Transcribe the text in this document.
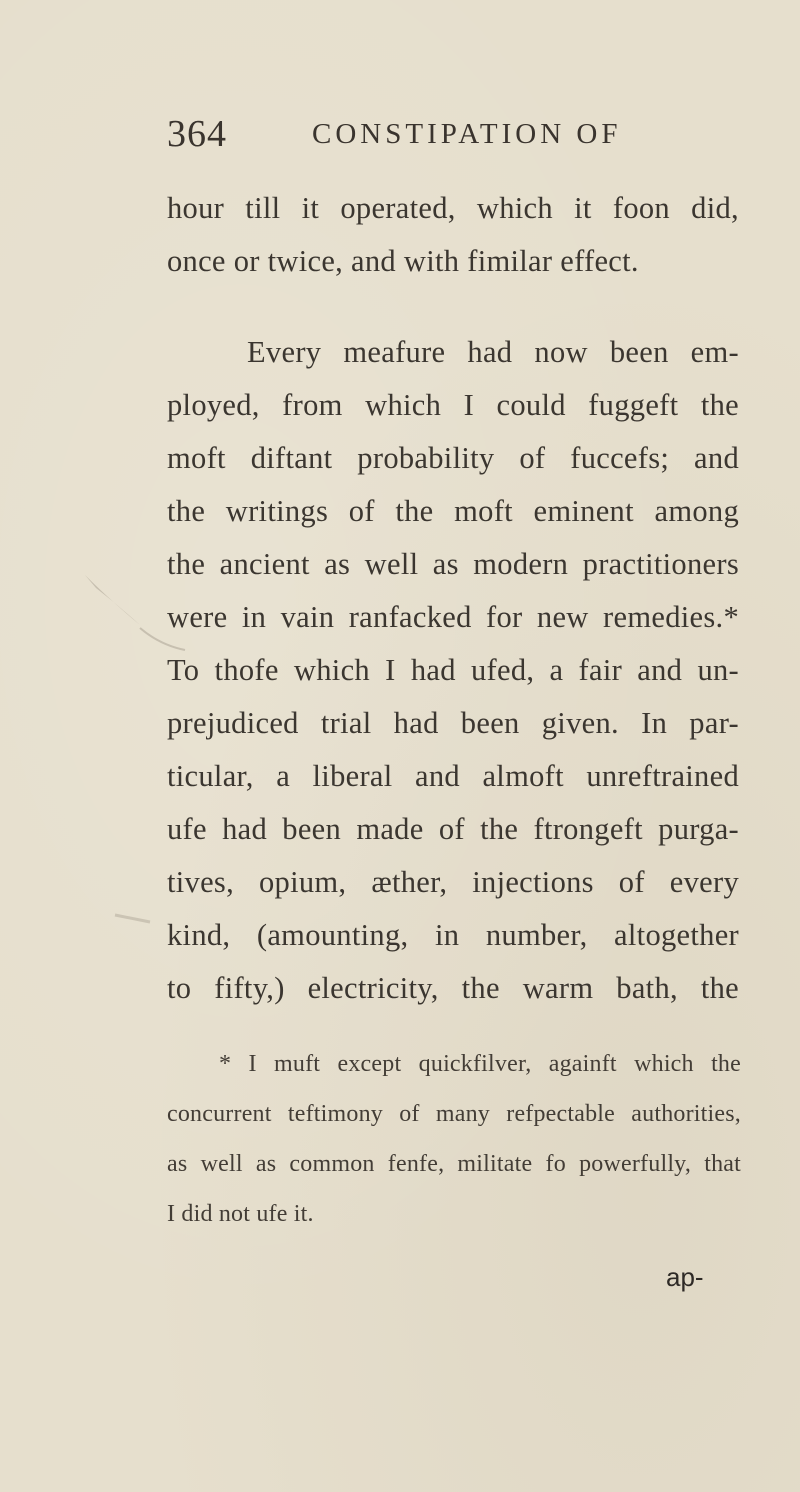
364	CONSTIPATION OF
hour till it operated, which it foon did,
once or twice, and with fimilar effect.
Every meafure had now been em-
ployed, from which I could fuggeft the
moft diftant probability of fuccefs; and
the writings of the moft eminent among
the ancient as well as modern practitioners
were in vain ranfacked for new remedies.*
To thofe which I had ufed, a fair and un-
prejudiced trial had been given. In par-
ticular, a liberal and almoft unreftrained
ufe had been made of the ftrongeft purga-
tives, opium, æther, injections of every
kind, (amounting, in number, altogether
to fifty,) electricity, the warm bath, the
* I muft except quickfilver, againft which the
concurrent teftimony of many refpectable authorities,
as well as common fenfe, militate fo powerfully, that
I did not ufe it.
ap-
